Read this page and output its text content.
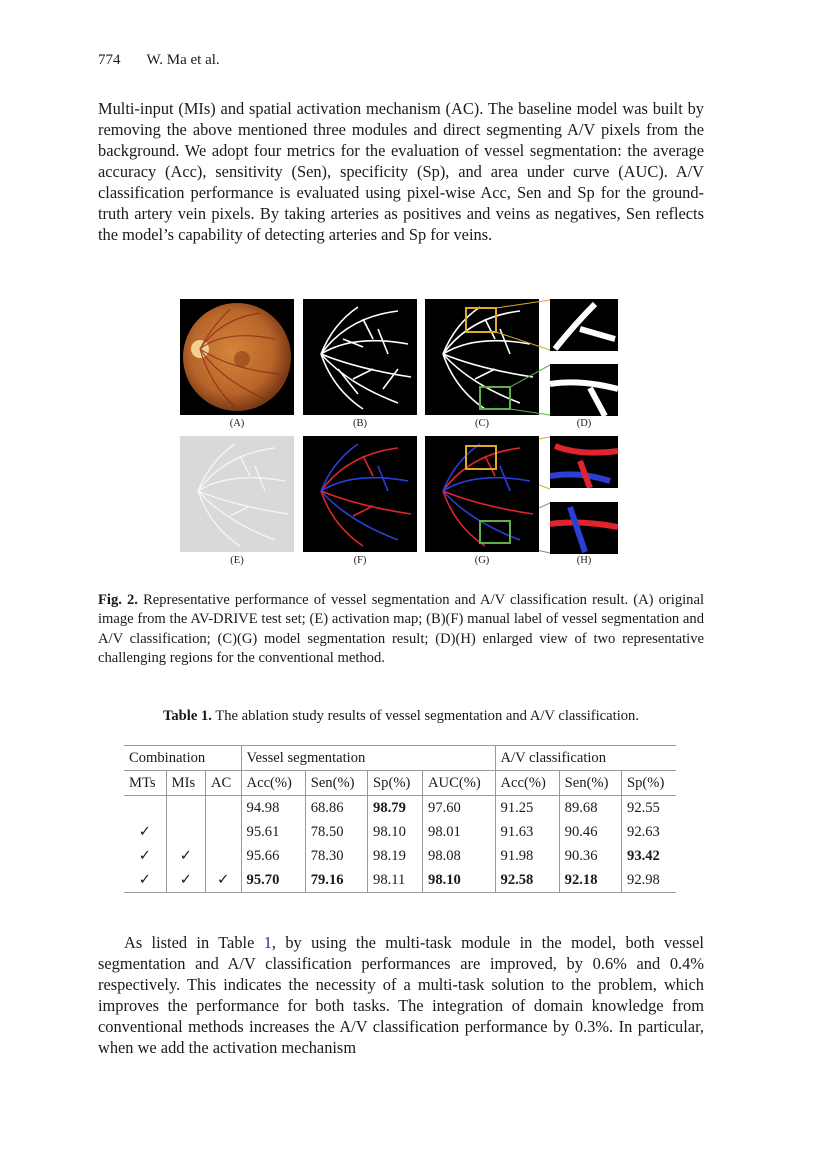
774 W. Ma et al.

Multi-input (MIs) and spatial activation mechanism (AC). The baseline model was built by removing the above mentioned three modules and direct segmenting A/V pixels from the background. We adopt four metrics for the evaluation of vessel segmentation: the average accuracy (Acc), sensitivity (Sen), specificity (Sp), and area under curve (AUC). A/V classification performance is evaluated using pixel-wise Acc, Sen and Sp for the ground-truth artery vein pixels. By taking arteries as positives and veins as negatives, Sen reflects the model’s capability of detecting arteries and Sp for veins.

(A)	(B)	(C)	(D)
(E)	(F)	(G)	(H)

Fig. 2. Representative performance of vessel segmentation and A/V classification result. (A) original image from the AV-DRIVE test set; (E) activation map; (B)(F) manual label of vessel segmentation and A/V classification; (C)(G) model segmentation result; (D)(H) enlarged view of two representative challenging regions for the conventional method.

Table 1. The ablation study results of vessel segmentation and A/V classification.
Combination			Vessel segmentation				A/V classification		
MTs	MIs	AC	Acc(%)	Sen(%)	Sp(%)	AUC(%)	Acc(%)	Sen(%)	Sp(%)
			94.98	68.86	98.79	97.60	91.25	89.68	92.55
✓			95.61	78.50	98.10	98.01	91.63	90.46	92.63
✓	✓		95.66	78.30	98.19	98.08	91.98	90.36	93.42
✓	✓	✓	95.70	79.16	98.11	98.10	92.58	92.18	92.98

As listed in Table 1, by using the multi-task module in the model, both vessel segmentation and A/V classification performances are improved, by 0.6% and 0.4% respectively. This indicates the necessity of a multi-task solution to the problem, which improves the performance for both tasks. The integration of domain knowledge from conventional methods increases the A/V classification performance by 0.3%. In particular, when we add the activation mechanism
